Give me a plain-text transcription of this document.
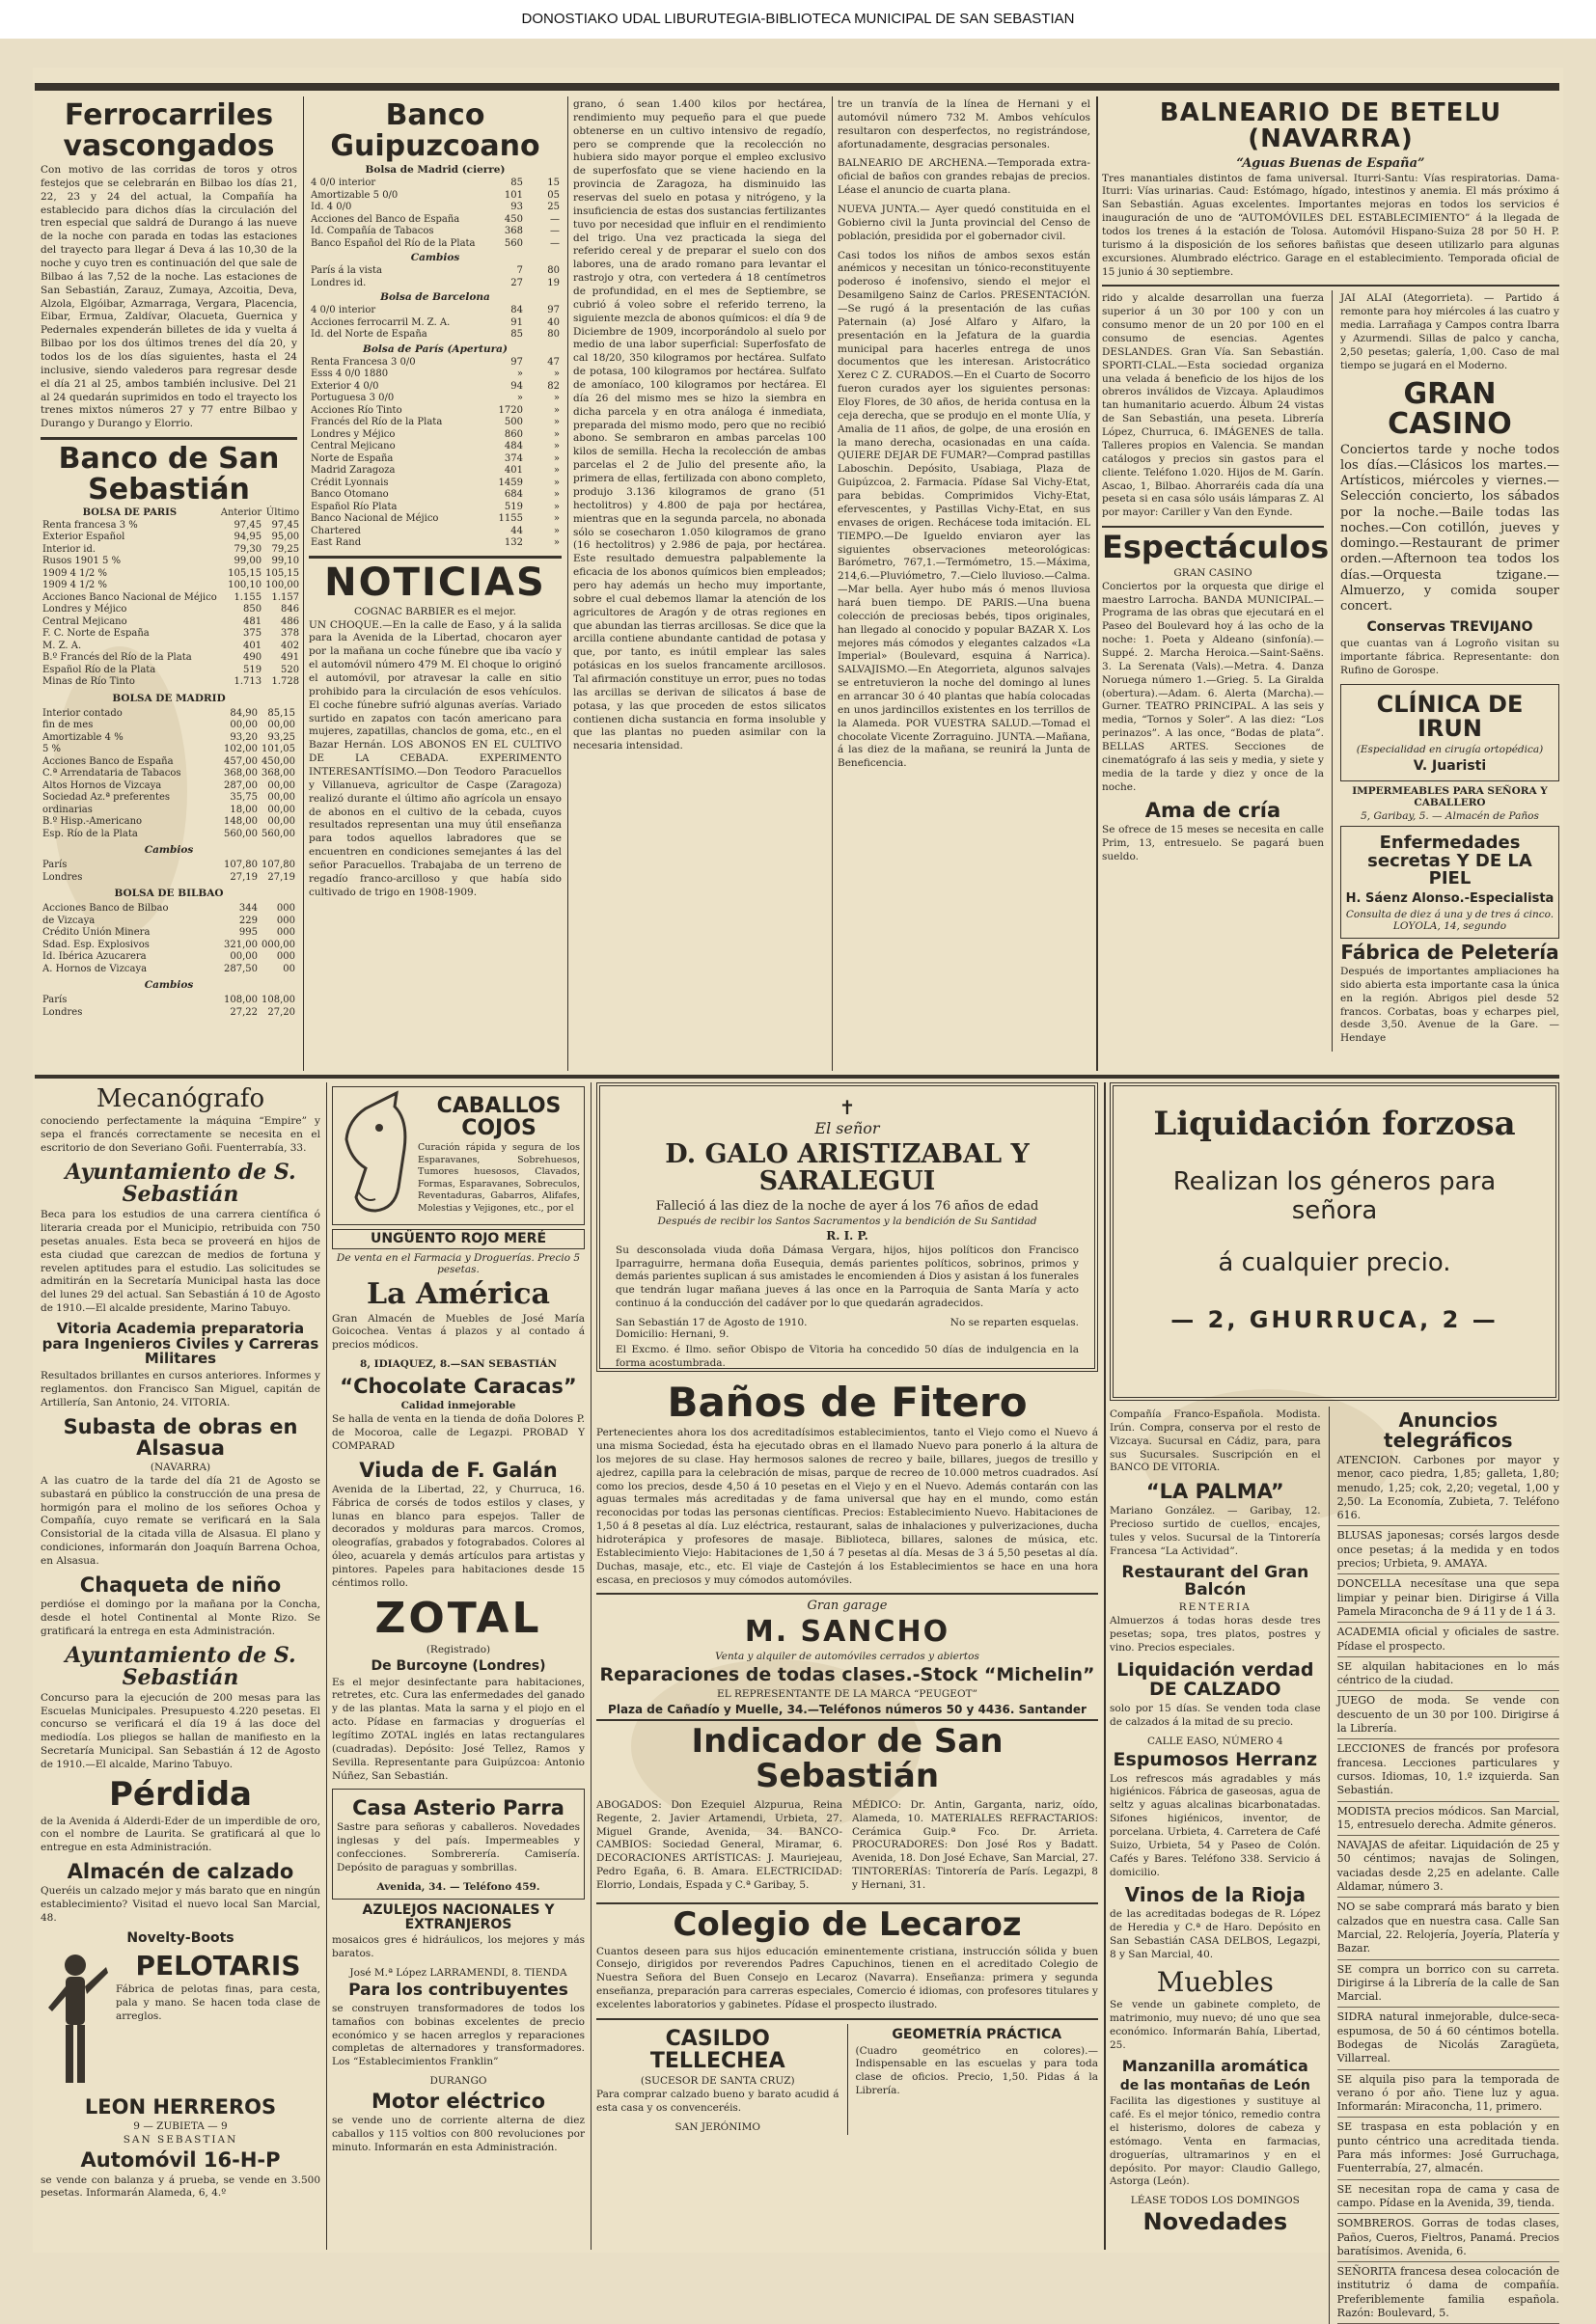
DONOSTIAKO UDAL LIBURUTEGIA-BIBLIOTECA MUNICIPAL DE SAN SEBASTIAN
Ferrocarriles vascongados

Con motivo de las corridas de toros y otros festejos que se celebrarán en Bilbao los días 21, 22, 23 y 24 del actual, la Compañía ha establecido para dichos días la circulación del tren especial que saldrá de Durango á las nueve de la noche con parada en todas las estaciones del trayecto para llegar á Deva á las 10,30 de la noche y cuyo tren es continuación del que sale de Bilbao á las 7,52 de la noche. Las estaciones de San Sebastián, Zarauz, Zumaya, Azcoitia, Deva, Alzola, Elgóibar, Azmarraga, Vergara, Placencia, Eibar, Ermua, Zaldívar, Olacueta, Guernica y Pedernales expenderán billetes de ida y vuelta á Bilbao por los dos últimos trenes del día 20, y todos los de los días siguientes, hasta el 24 inclusive, siendo valederos para regresar desde el día 21 al 25, ambos también inclusive. Del 21 al 24 quedarán suprimidos en todo el trayecto los trenes mixtos números 27 y 77 entre Bilbao y Durango y Durango y Elorrio.

Banco de San Sebastián
BOLSA DE PARIS	Anterior	Último
Renta francesa 3 %	97,45	97,45
Exterior Español	94,95	95,00
Interior id.	79,30	79,25
Rusos 1901 5 %	99,00	99,10
1909 4 1/2 %	105,15	105,15
1909 4 1/2 %	100,10	100,00
Acciones Banco Nacional de Méjico	1.155	1.157
Londres y Méjico	850	846
Central Mejicano	481	486
F. C. Norte de España	375	378
M. Z. A.	401	402
B.º Francés del Río de la Plata	490	491
Español Río de la Plata	519	520
Minas de Río Tinto	1.713	1.728
BOLSA DE MADRID
Interior contado	84,90	85,15
fin de mes	00,00	00,00
Amortizable 4 %	93,20	93,25
5 %	102,00	101,05
Acciones Banco de España	457,00	450,00
C.ª Arrendataria de Tabacos	368,00	368,00
Altos Hornos de Vizcaya	287,00	00,00
Sociedad Az.ª preferentes	35,75	00,00
ordinarias	18,00	00,00
B.º Hisp.-Americano	148,00	00,00
Esp. Río de la Plata	560,00	560,00
Cambios
París	107,80	107,80
Londres	27,19	27,19
BOLSA DE BILBAO
Acciones Banco de Bilbao	344	000
de Vizcaya	229	000
Crédito Unión Minera	995	000
Sdad. Esp. Explosivos	321,00	000,00
Id. Ibérica Azucarera	00,00	000
A. Hornos de Vizcaya	287,50	00
Cambios
París	108,00	108,00
Londres	27,22	27,20
Banco Guipuzcoano
Bolsa de Madrid (cierre)
4 0/0 interior	85	15
Amortizable 5 0/0	101	05
Id. 4 0/0	93	25
Acciones del Banco de España	450	—
Id. Compañía de Tabacos	368	—
Banco Español del Río de la Plata	560	—
Cambios
París á la vista	7	80
Londres id.	27	19
Bolsa de Barcelona
4 0/0 interior	84	97
Acciones ferrocarril M. Z. A.	91	40
Id. del Norte de España	85	80
Bolsa de París (Apertura)
Renta Francesa 3 0/0	97	47
Esss 4 0/0 1880	»	»
Exterior 4 0/0	94	82
Portuguesa 3 0/0	»	»
Acciones Río Tinto	1720	»
Francés del Río de la Plata	500	»
Londres y Méjico	860	»
Central Mejicano	484	»
Norte de España	374	»
Madrid Zaragoza	401	»
Crédit Lyonnais	1459	»
Banco Otomano	684	»
Español Río Plata	519	»
Banco Nacional de Méjico	1155	»
Chartered	44	»
East Rand	132	»
NOTICIAS
COGNAC BARBIER es el mejor.

UN CHOQUE.—En la calle de Easo, y á la salida para la Avenida de la Libertad, chocaron ayer por la mañana un coche fúnebre que iba vacío y el automóvil número 479 M. El choque lo originó el automóvil, por atravesar la calle en sitio prohibido para la circulación de esos vehículos. El coche fúnebre sufrió algunas averías. Variado surtido en zapatos con tacón americano para mujeres, zapatillas, chanclos de goma, etc., en el Bazar Hernán. LOS ABONOS EN EL CULTIVO DE LA CEBADA. EXPERIMENTO INTERESANTÍSIMO.—Don Teodoro Paracuellos y Villanueva, agricultor de Caspe (Zaragoza) realizó durante el último año agrícola un ensayo de abonos en el cultivo de la cebada, cuyos resultados representan una muy útil enseñanza para todos aquellos labradores que se encuentren en condiciones semejantes á las del señor Paracuellos. Trabajaba de un terreno de regadío franco-arcilloso y que había sido cultivado de trigo en 1908-1909.

grano, ó sean 1.400 kilos por hectárea, rendimiento muy pequeño para el que puede obtenerse en un cultivo intensivo de regadío, pero se comprende que la recolección no hubiera sido mayor porque el empleo exclusivo de superfosfato que se viene haciendo en la provincia de Zaragoza, ha disminuido las reservas del suelo en potasa y nitrógeno, y la insuficiencia de estas dos sustancias fertilizantes tuvo por necesidad que influir en el rendimiento del trigo. Una vez practicada la siega del referido cereal y de preparar el suelo con dos labores, una de arado romano para levantar el rastrojo y otra, con vertedera á 18 centímetros de profundidad, en el mes de Septiembre, se cubrió á voleo sobre el referido terreno, la siguiente mezcla de abonos químicos: el día 9 de Diciembre de 1909, incorporándolo al suelo por medio de una labor superficial: Superfosfato de cal 18/20, 350 kilogramos por hectárea. Sulfato de potasa, 100 kilogramos por hectárea. Sulfato de amoníaco, 100 kilogramos por hectárea. El día 26 del mismo mes se hizo la siembra en dicha parcela y en otra análoga é inmediata, preparada del mismo modo, pero que no recibió abono. Se sembraron en ambas parcelas 100 kilos de semilla. Hecha la recolección de ambas parcelas el 2 de Julio del presente año, la primera de ellas, fertilizada con abono completo, produjo 3.136 kilogramos de grano (51 hectolitros) y 4.800 de paja por hectárea, mientras que en la segunda parcela, no abonada sólo se cosecharon 1.050 kilogramos de grano (16 hectolitros) y 2.986 de paja, por hectárea. Este resultado demuestra palpablemente la eficacia de los abonos químicos bien empleados; pero hay además un hecho muy importante, sobre el cual debemos llamar la atención de los agricultores de Aragón y de otras regiones en que abundan las tierras arcillosas. Se dice que la arcilla contiene abundante cantidad de potasa y que, por tanto, es inútil emplear las sales potásicas en los suelos francamente arcillosos. Tal afirmación constituye un error, pues no todas las arcillas se derivan de silicatos á base de potasa, y las que proceden de estos silicatos contienen dicha sustancia en forma insoluble y que las plantas no pueden asimilar con la necesaria intensidad.

tre un tranvía de la línea de Hernani y el automóvil número 732 M. Ambos vehículos resultaron con desperfectos, no registrándose, afortunadamente, desgracias personales.

BALNEARIO DE ARCHENA.—Temporada extra-oficial de baños con grandes rebajas de precios. Léase el anuncio de cuarta plana.

NUEVA JUNTA.— Ayer quedó constituida en el Gobierno civil la Junta provincial del Censo de población, presidida por el gobernador civil.

Casi todos los niños de ambos sexos están anémicos y necesitan un tónico-reconstituyente poderoso é inofensivo, siendo el mejor el Desamilgeno Sainz de Carlos. PRESENTACIÓN.—Se rugó á la presentación de las cuñas Paternain (a) José Alfaro y Alfaro, la presentación en la Jefatura de la guardia municipal para hacerles entrega de unos documentos que les interesan. Aristocrático Xerez C Z. CURADOS.—En el Cuarto de Socorro fueron curados ayer los siguientes personas: Eloy Flores, de 30 años, de herida contusa en la ceja derecha, que se produjo en el monte Ulía, y Amalia de 11 años, de golpe, de una erosión en la mano derecha, ocasionadas en una caída. QUIERE DEJAR DE FUMAR?—Comprad pastillas Laboschin. Depósito, Usabiaga, Plaza de Guipúzcoa, 2. Farmacia. Pídase Sal Vichy-Etat, para bebidas. Comprimidos Vichy-Etat, efervescentes, y Pastillas Vichy-Etat, en sus envases de origen. Rechácese toda imitación. EL TIEMPO.—De Igueldo enviaron ayer las siguientes observaciones meteorológicas: Barómetro, 767,1.—Termómetro, 15.—Máxima, 214,6.—Pluviómetro, 7.—Cielo lluvioso.—Calma.—Mar bella. Ayer hubo más ó menos lluviosa hará buen tiempo. DE PARIS.—Una buena colección de preciosas bebés, tipos originales, han llegado al conocido y popular BAZAR X. Los mejores más cómodos y elegantes calzados «La Imperial» (Boulevard, esquina á Narrica). SALVAJISMO.—En Ategorrieta, algunos salvajes se entretuvieron la noche del domingo al lunes en arrancar 30 ó 40 plantas que había colocadas en unos jardincillos existentes en los terrillos de la Alameda. POR VUESTRA SALUD.—Tomad el chocolate Vicente Zorraguino. JUNTA.—Mañana, á las diez de la mañana, se reunirá la Junta de Beneficencia.

BALNEARIO DE BETELU (NAVARRA)
“Aguas Buenas de España”

Tres manantiales distintos de fama universal. Iturri-Santu: Vías respiratorias. Dama-Iturri: Vías urinarias. Caud: Estómago, hígado, intestinos y anemia. El más próximo á San Sebastián. Aguas excelentes. Importantes mejoras en todos los servicios é inauguración de uno de “AUTOMÓVILES DEL ESTABLECIMIENTO” á la llegada de todos los trenes á la estación de Tolosa. Automóvil Hispano-Suiza 28 por 50 H. P. turismo á la disposición de los señores bañistas que deseen utilizarlo para algunas excursiones. Alumbrado eléctrico. Garage en el establecimiento. Temporada oficial de 15 junio á 30 septiembre.

rido y alcalde desarrollan una fuerza superior á un 30 por 100 y con un consumo menor de un 20 por 100 en el consumo de esencias. Agentes DESLANDES. Gran Vía. San Sebastián. SPORTI-CLAL.—Esta sociedad organiza una velada á beneficio de los hijos de los obreros inválidos de Vizcaya. Aplaudimos tan humanitario acuerdo. Álbum 24 vistas de San Sebastián, una peseta. Librería López, Churruca, 6. IMÁGENES de talla. Talleres propios en Valencia. Se mandan catálogos y precios sin gastos para el cliente. Teléfono 1.020. Hijos de M. Garín. Ascao, 1, Bilbao. Ahorraréis cada día una peseta si en casa sólo usáis lámparas Z. Al por mayor: Cariller y Van den Eynde.

Espectáculos
GRAN CASINO

Conciertos por la orquesta que dirige el maestro Larrocha. BANDA MUNICIPAL.—Programa de las obras que ejecutará en el Paseo del Boulevard hoy á las ocho de la noche: 1. Poeta y Aldeano (sinfonía).—Suppé. 2. Marcha Heroica.—Saint-Saëns. 3. La Serenata (Vals).—Metra. 4. Danza Noruega número 1.—Grieg. 5. La Giralda (obertura).—Adam. 6. Alerta (Marcha).—Gurner. TEATRO PRINCIPAL. A las seis y media, “Tornos y Soler”. A las diez: “Los perinazos”. A las once, “Bodas de plata”. BELLAS ARTES. Secciones de cinematógrafo á las seis y media, y siete y media de la tarde y diez y once de la noche.

Ama de cría

Se ofrece de 15 meses se necesita en calle Prim, 13, entresuelo. Se pagará buen sueldo.

JAI ALAI (Ategorrieta). — Partido á remonte para hoy miércoles á las cuatro y media. Larrañaga y Campos contra Ibarra y Azurmendi. Sillas de palco y cancha, 2,50 pesetas; galería, 1,00. Caso de mal tiempo se jugará en el Moderno.

GRAN CASINO

Conciertos tarde y noche todos los días.—Clásicos los martes.—Artísticos, miércoles y viernes.—Selección concierto, los sábados por la noche.—Baile todas las noches.—Con cotillón, jueves y domingo.—Restaurant de primer orden.—Afternoon tea todos los días.—Orquesta tzigane.— Almuerzo, y comida souper concert.

Conservas TREVIJANO

que cuantas van á Logroño visitan su importante fábrica. Representante: don Rufino de Gorospe.

CLÍNICA DE IRUN
(Especialidad en cirugía ortopédica)
V. Juaristi
IMPERMEABLES PARA SEÑORA Y CABALLERO
5, Garibay, 5. — Almacén de Paños
Enfermedades secretas Y DE LA PIEL
H. Sáenz Alonso.-Especialista
Consulta de diez á una y de tres á cinco. LOYOLA, 14, segundo
Fábrica de Peletería

Después de importantes ampliaciones ha sido abierta esta importante casa la única en la región. Abrigos piel desde 52 francos. Corbatas, boas y echarpes piel, desde 3,50. Avenue de la Gare. — Hendaye

Mecanógrafo

conociendo perfectamente la máquina “Empire” y sepa el francés correctamente se necesita en el escritorio de don Severiano Goñi. Fuenterrabía, 33.

Ayuntamiento de S. Sebastián

Beca para los estudios de una carrera científica ó literaria creada por el Municipio, retribuida con 750 pesetas anuales. Esta beca se proveerá en hijos de esta ciudad que carezcan de medios de fortuna y revelen aptitudes para el estudio. Las solicitudes se admitirán en la Secretaría Municipal hasta las doce del lunes 29 del actual. San Sebastián á 10 de Agosto de 1910.—El alcalde presidente, Marino Tabuyo.

Vitoria Academia preparatoria para Ingenieros Civiles y Carreras Militares

Resultados brillantes en cursos anteriores. Informes y reglamentos. don Francisco San Miguel, capitán de Artillería, San Antonio, 24. VITORIA.

Subasta de obras en Alsasua
(NAVARRA)

A las cuatro de la tarde del día 21 de Agosto se subastará en público la construcción de una presa de hormigón para el molino de los señores Ochoa y Compañía, cuyo remate se verificará en la Sala Consistorial de la citada villa de Alsasua. El plano y condiciones, informarán don Joaquín Barrena Ochoa, en Alsasua.

Chaqueta de niño

perdióse el domingo por la mañana por la Concha, desde el hotel Continental al Monte Rizo. Se gratificará la entrega en esta Administración.

Ayuntamiento de S. Sebastián

Concurso para la ejecución de 200 mesas para las Escuelas Municipales. Presupuesto 4.220 pesetas. El concurso se verificará el día 19 á las doce del mediodía. Los pliegos se hallan de manifiesto en la Secretaría Municipal. San Sebastián á 12 de Agosto de 1910.—El alcalde, Marino Tabuyo.

Pérdida

de la Avenida á Alderdi-Eder de un imperdible de oro, con el nombre de Laurita. Se gratificará al que lo entregue en esta Administración.

Almacén de calzado

Queréis un calzado mejor y más barato que en ningún establecimiento? Visitad el nuevo local San Marcial, 48.

Novelty-Boots
PELOTARIS

Fábrica de pelotas finas, para cesta, pala y mano. Se hacen toda clase de arreglos.

LEON HERREROS
9 — ZUBIETA — 9
SAN SEBASTIAN
Automóvil 16-H-P

se vende con balanza y á prueba, se vende en 3.500 pesetas. Informarán Alameda, 6, 4.º

CABALLOS COJOS

Curación rápida y segura de los Esparavanes, Sobrehuesos, Tumores huesosos, Clavados, Formas, Esparavanes, Sobreculos, Reventaduras, Gabarros, Alifafes, Molestias y Vejigones, etc., por el

UNGÜENTO ROJO MERÉ
De venta en el Farmacia y Droguerías. Precio 5 pesetas.
La América

Gran Almacén de Muebles de José María Goicochea. Ventas á plazos y al contado á precios módicos.

8, IDIAQUEZ, 8.—SAN SEBASTIÁN
“Chocolate Caracas”
Calidad inmejorable

Se halla de venta en la tienda de doña Dolores P. de Mocoroa, calle de Legazpi. PROBAD Y COMPARAD

Viuda de F. Galán

Avenida de la Libertad, 22, y Churruca, 16. Fábrica de corsés de todos estilos y clases, y lunas en blanco para espejos. Taller de decorados y molduras para marcos. Cromos, oleografías, grabados y fotograbados. Colores al óleo, acuarela y demás artículos para artistas y pintores. Papeles para habitaciones desde 15 céntimos rollo.

ZOTAL
(Registrado)
De Burcoyne (Londres)

Es el mejor desinfectante para habitaciones, retretes, etc. Cura las enfermedades del ganado y de las plantas. Mata la sarna y el piojo en el acto. Pídase en farmacias y droguerías el legítimo ZOTAL inglés en latas rectangulares (cuadradas). Depósito: José Tellez, Ramos y Sevilla. Representante para Guipúzcoa: Antonio Núñez, San Sebastián.

Casa Asterio Parra

Sastre para señoras y caballeros. Novedades inglesas y del país. Impermeables y confecciones. Sombrerería. Camisería. Depósito de paraguas y sombrillas.

Avenida, 34. — Teléfono 459.
AZULEJOS NACIONALES Y EXTRANJEROS

mosaicos gres é hidráulicos, los mejores y más baratos.

José M.ª López LARRAMENDI, 8. TIENDA
Para los contribuyentes

se construyen transformadores de todos los tamaños con bobinas excelentes de precio económico y se hacen arreglos y reparaciones completas de alternadores y transformadores. Los “Establecimientos Franklin”

DURANGO
Motor eléctrico

se vende uno de corriente alterna de diez caballos y 115 voltios con 800 revoluciones por minuto. Informarán en esta Administración.

✝
El señor
D. GALO ARISTIZABAL Y SARALEGUI
Falleció á las diez de la noche de ayer á los 76 años de edad
Después de recibir los Santos Sacramentos y la bendición de Su Santidad
R. I. P.

Su desconsolada viuda doña Dámasa Vergara, hijos, hijos políticos don Francisco Iparraguirre, hermana doña Eusequia, demás parientes políticos, sobrinos, primos y demás parientes suplican á sus amistades le encomienden á Dios y asistan á los funerales que tendrán lugar mañana jueves á las once en la Parroquia de Santa María y acto continuo á la conducción del cadáver por lo que quedarán agradecidos.

San Sebastián 17 de Agosto de 1910.	No se reparten esquelas.
Domicilio: Hernani, 9.

El Excmo. é Ilmo. señor Obispo de Vitoria ha concedido 50 días de indulgencia en la forma acostumbrada.

Baños de Fitero

Pertenecientes ahora los dos acreditadísimos establecimientos, tanto el Viejo como el Nuevo á una misma Sociedad, ésta ha ejecutado obras en el llamado Nuevo para ponerlo á la altura de los mejores de su clase. Hay hermosos salones de recreo y baile, billares, juegos de tresillo y ajedrez, capilla para la celebración de misas, parque de recreo de 10.000 metros cuadrados. Así como los precios, desde 4,50 á 10 pesetas en el Viejo y en el Nuevo. Además contarán con las aguas termales más acreditadas y de fama universal que hay en el mundo, como están reconocidas por todas las personas científicas. Precios: Establecimiento Nuevo. Habitaciones de 1,50 á 8 pesetas al día. Luz eléctrica, restaurant, salas de inhalaciones y pulverizaciones, ducha hidroterápica y profesores de masaje. Biblioteca, billares, salones de música, etc. Establecimiento Viejo: Habitaciones de 1,50 á 7 pesetas al día. Mesas de 3 á 5,50 pesetas al día. Duchas, masaje, etc., etc. El viaje de Castejón á los Establecimientos se hace en una hora escasa, en preciosos y muy cómodos automóviles.

Gran garage
M. SANCHO
Venta y alquiler de automóviles cerrados y abiertos
Reparaciones de todas clases.-Stock “Michelin”
EL REPRESENTANTE DE LA MARCA “PEUGEOT”
Plaza de Cañadío y Muelle, 34.—Teléfonos números 50 y 4436. Santander
Indicador de San Sebastián

ABOGADOS: Don Ezequiel Alzpurua, Reina Regente, 2. Javier Artamendi, Urbieta, 27. Miguel Grande, Avenida, 34. BANCO-CAMBIOS: Sociedad General, Miramar, 6. DECORACIONES ARTÍSTICAS: J. Mauriejeau, Pedro Egaña, 6. B. Amara. ELECTRICIDAD: Elorrio, Londais, Espada y C.ª Garibay, 5.

MÉDICO: Dr. Antin, Garganta, nariz, oído, Alameda, 10. MATERIALES REFRACTARIOS: Cerámica Guip.ª Fco. Dr. Arrieta. PROCURADORES: Don José Ros y Badatt. Avenida, 18. Don José Echave, San Marcial, 27. TINTORERÍAS: Tintorería de París. Legazpi, 8 y Hernani, 31.

Colegio de Lecaroz

Cuantos deseen para sus hijos educación eminentemente cristiana, instrucción sólida y buen Consejo, dirigidos por reverendos Padres Capuchinos, tienen en el acreditado Colegio de Nuestra Señora del Buen Consejo en Lecaroz (Navarra). Enseñanza: primera y segunda enseñanza, preparación para carreras especiales, Comercio é idiomas, con profesores titulares y excelentes laboratorios y gabinetes. Pídase el prospecto ilustrado.

CASILDO TELLECHEA
(SUCESOR DE SANTA CRUZ)

Para comprar calzado bueno y barato acudid á esta casa y os convenceréis.

SAN JERÓNIMO
GEOMETRÍA PRÁCTICA

(Cuadro geométrico en colores).—Indispensable en las escuelas y para toda clase de oficios. Precio, 1,50. Pidas á la Librería.

Liquidación forzosa
Realizan los géneros para señora
á cualquier precio.
— 2, GHURRUCA, 2 —

Compañía Franco-Española. Modista. Irún. Compra, conserva por el resto de Vizcaya. Sucursal en Cádiz, para, para sus Sucursales. Suscripción en el BANCO DE VITORIA.

“LA PALMA”

Mariano González. — Garibay, 12. Precioso surtido de cuellos, encajes, tules y velos. Sucursal de la Tintorería Francesa “La Actividad”.

Restaurant del Gran Balcón
RENTERIA

Almuerzos á todas horas desde tres pesetas; sopa, tres platos, postres y vino. Precios especiales.

Liquidación verdad DE CALZADO

solo por 15 días. Se venden toda clase de calzados á la mitad de su precio.

CALLE EASO, NÚMERO 4
Espumosos Herranz

Los refrescos más agradables y más higiénicos. Fábrica de gaseosas, agua de seltz y aguas alcalinas bicarbonatadas. Sifones higiénicos, inventor, de porcelana. Urbieta, 4. Carretera de Café Suizo, Urbieta, 54 y Paseo de Colón. Cafés y Bares. Teléfono 338. Servicio á domicilio.

Vinos de la Rioja

de las acreditadas bodegas de R. López de Heredia y C.ª de Haro. Depósito en San Sebastián CASA DELBOS, Legazpi, 8 y San Marcial, 40.

Muebles

Se vende un gabinete completo, de matrimonio, muy nuevo; dé uno que sea económico. Informarán Bahía, Libertad, 25.

Manzanilla aromática
de las montañas de León

Facilita las digestiones y sustituye al café. Es el mejor tónico, remedio contra el histerismo, dolores de cabeza y estómago. Venta en farmacias, droguerías, ultramarinos y en el depósito. Por mayor: Claudio Gallego, Astorga (León).

LÉASE TODOS LOS DOMINGOS
Novedades
Anuncios telegráficos

ATENCION. Carbones por mayor y menor, caco piedra, 1,85; galleta, 1,80; menudo, 1,25; cok, 2,20; vegetal, 1,00 y 2,50. La Economía, Zubieta, 7. Teléfono 616.

BLUSAS japonesas; corsés largos desde once pesetas; á la medida y en todos precios; Urbieta, 9. AMAYA.

DONCELLA necesítase una que sepa limpiar y peinar bien. Dirigirse á Villa Pamela Miraconcha de 9 á 11 y de 1 á 3.

ACADEMIA oficial y oficiales de sastre. Pídase el prospecto.

SE alquilan habitaciones en lo más céntrico de la ciudad.

JUEGO de moda. Se vende con descuento de un 30 por 100. Dirigirse á la Librería.

LECCIONES de francés por profesora francesa. Lecciones particulares y cursos. Idiomas, 10, 1.º izquierda. San Sebastián.

MODISTA precios módicos. San Marcial, 15, entresuelo derecha. Admite géneros.

NAVAJAS de afeitar. Liquidación de 25 y 50 céntimos; navajas de Solingen, vaciadas desde 2,25 en adelante. Calle Aldamar, número 3.

NO se sabe comprará más barato y bien calzados que en nuestra casa. Calle San Marcial, 22. Relojería, Joyería, Platería y Bazar.

SE compra un borrico con su carreta. Dirigirse á la Librería de la calle de San Marcial.

SIDRA natural inmejorable, dulce-seca-espumosa, de 50 á 60 céntimos botella. Bodegas de Nicolás Zaragüeta, Villarreal.

SE alquila piso para la temporada de verano ó por año. Tiene luz y agua. Informarán: Miraconcha, 11, primero.

SE traspasa en esta población y en punto céntrico una acreditada tienda. Para más informes: José Gurruchaga, Fuenterrabía, 27, almacén.

SE necesitan ropa de cama y casa de campo. Pídase en la Avenida, 39, tienda.

SOMBREROS. Gorras de todas clases, Paños, Cueros, Fieltros, Panamá. Precios baratísimos. Avenida, 6.

SEÑORITA francesa desea colocación de institutriz ó dama de compañía. Preferiblemente familia española. Razón: Boulevard, 5.
